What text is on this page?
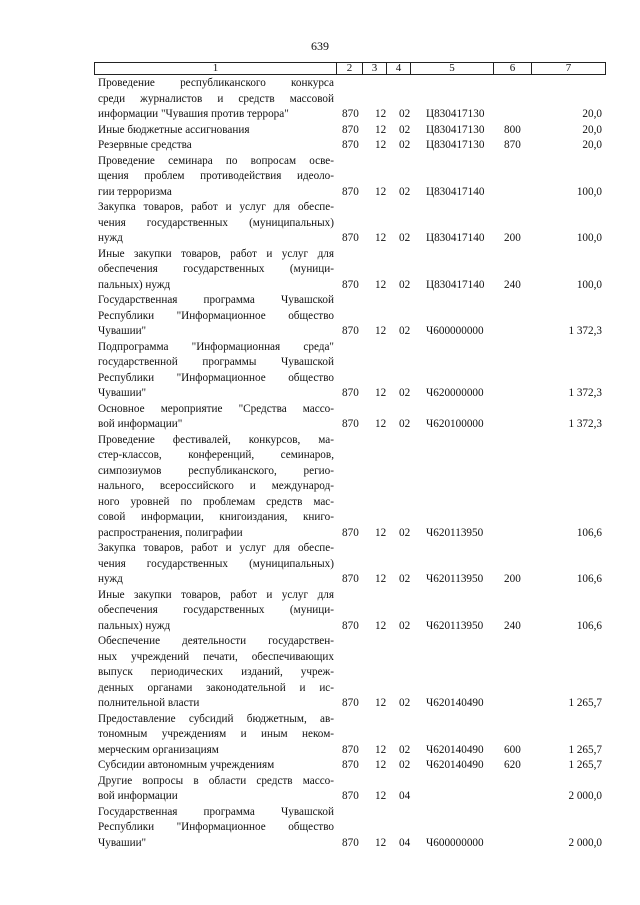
639
1	2	3	4	5	6	7
Проведение республиканского конкурса
среди журналистов и средств массовой
информации "Чувашия против террора"	870 12 02 Ц830417130	20,0
Иные бюджетные ассигнования	870 12 02 Ц830417130 800	20,0
Резервные средства	870 12 02 Ц830417130 870	20,0
Проведение семинара по вопросам осве-
щения проблем противодействия идеоло-
гии терроризма	870 12 02 Ц830417140	100,0
Закупка товаров, работ и услуг для обеспе-
чения государственных (муниципальных)
нужд	870 12 02 Ц830417140 200	100,0
Иные закупки товаров, работ и услуг для
обеспечения государственных (муници-
пальных) нужд	870 12 02 Ц830417140 240	100,0
Государственная программа Чувашской
Республики "Информационное общество
Чувашии"	870 12 02 Ч600000000	1 372,3
Подпрограмма "Информационная среда"
государственной программы Чувашской
Республики "Информационное общество
Чувашии"	870 12 02 Ч620000000	1 372,3
Основное мероприятие "Средства массо-
вой информации"	870 12 02 Ч620100000	1 372,3
Проведение фестивалей, конкурсов, ма-
стер-классов, конференций, семинаров,
симпозиумов республиканского, регио-
нального, всероссийского и международ-
ного уровней по проблемам средств мас-
совой информации, книгоиздания, книго-
распространения, полиграфии	870 12 02 Ч620113950	106,6
Закупка товаров, работ и услуг для обеспе-
чения государственных (муниципальных)
нужд	870 12 02 Ч620113950 200	106,6
Иные закупки товаров, работ и услуг для
обеспечения государственных (муници-
пальных) нужд	870 12 02 Ч620113950 240	106,6
Обеспечение деятельности государствен-
ных учреждений печати, обеспечивающих
выпуск периодических изданий, учреж-
денных органами законодательной и ис-
полнительной власти	870 12 02 Ч620140490	1 265,7
Предоставление субсидий бюджетным, ав-
тономным учреждениям и иным неком-
мерческим организациям	870 12 02 Ч620140490 600	1 265,7
Субсидии автономным учреждениям	870 12 02 Ч620140490 620	1 265,7
Другие вопросы в области средств массо-
вой информации	870 12 04	2 000,0
Государственная программа Чувашской
Республики "Информационное общество
Чувашии"	870 12 04 Ч600000000	2 000,0
